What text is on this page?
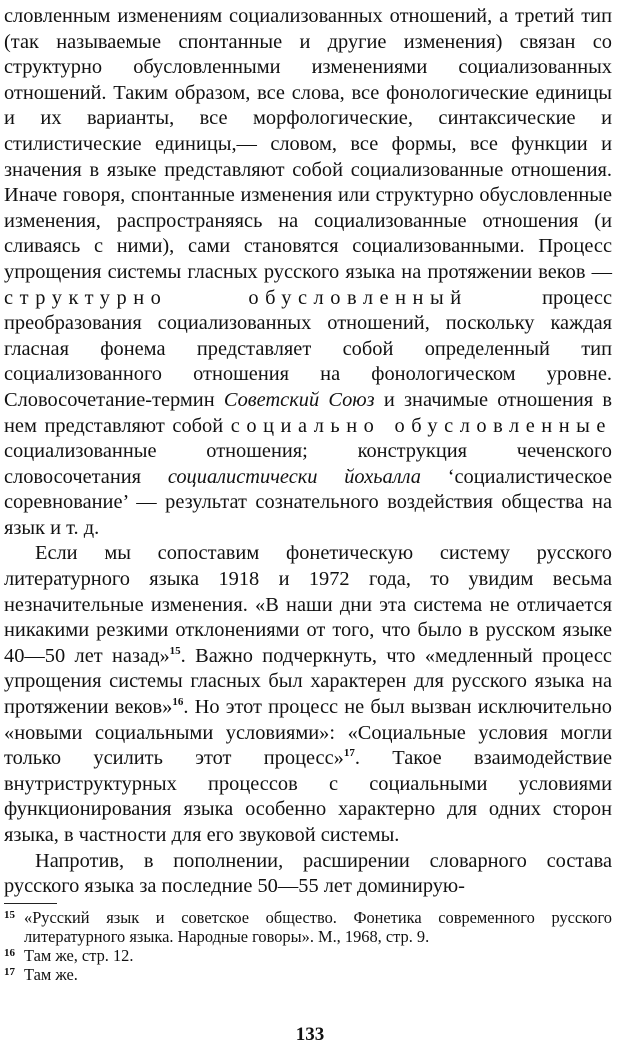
словленным изменениям социализованных отношений, а третий тип (так называемые спонтанные и другие изменения) связан со структурно обусловленными изменениями социализованных отношений. Таким образом, все слова, все фонологические единицы и их варианты, все морфологические, синтаксические и стилистические единицы,— словом, все формы, все функции и значения в языке представляют собой социализованные отношения. Иначе говоря, спонтанные изменения или структурно обусловленные изменения, распространяясь на социализованные отношения (и сливаясь с ними), сами становятся социализованными. Процесс упрощения системы гласных русского языка на протяжении веков — структурно обусловленный	процесс преобразования социализованных отношений, поскольку каждая гласная фонема представляет собой определенный тип социализованного отношения на фонологическом уровне. Словосочетание-термин Советский Союз и значимые отношения в нем представляют собой социально обусловленные социализованные отношения; конструкция чеченского словосочетания социалистически йохьалла ‘социалистическое соревнование’ — результат сознательного воздействия общества на язык и т. д.

Если мы сопоставим фонетическую систему русского литературного языка 1918 и 1972 года, то увидим весьма незначительные изменения. «В наши дни эта система не отличается никакими резкими отклонениями от того, что было в русском языке 40—50 лет назад»$^{15}$. Важно подчеркнуть, что «медленный процесс упрощения системы гласных был характерен для русского языка на протяжении веков»$^{16}$. Но этот процесс не был вызван исключительно «новыми социальными условиями»: «Социальные условия могли только усилить этот процесс»$^{17}$. Такое взаимодействие внутриструктурных процессов с социальными условиями функционирования языка особенно характерно для одних сторон языка, в частности для его звуковой системы.

Напротив, в пополнении, расширении словарного состава русского языка за последние 50—55 лет доминирую-

15 «Русский язык и советское общество. Фонетика современного русского литературного языка. Народные говоры». М., 1968, стр. 9.

16 Там же, стр. 12.

17 Там же.

133
